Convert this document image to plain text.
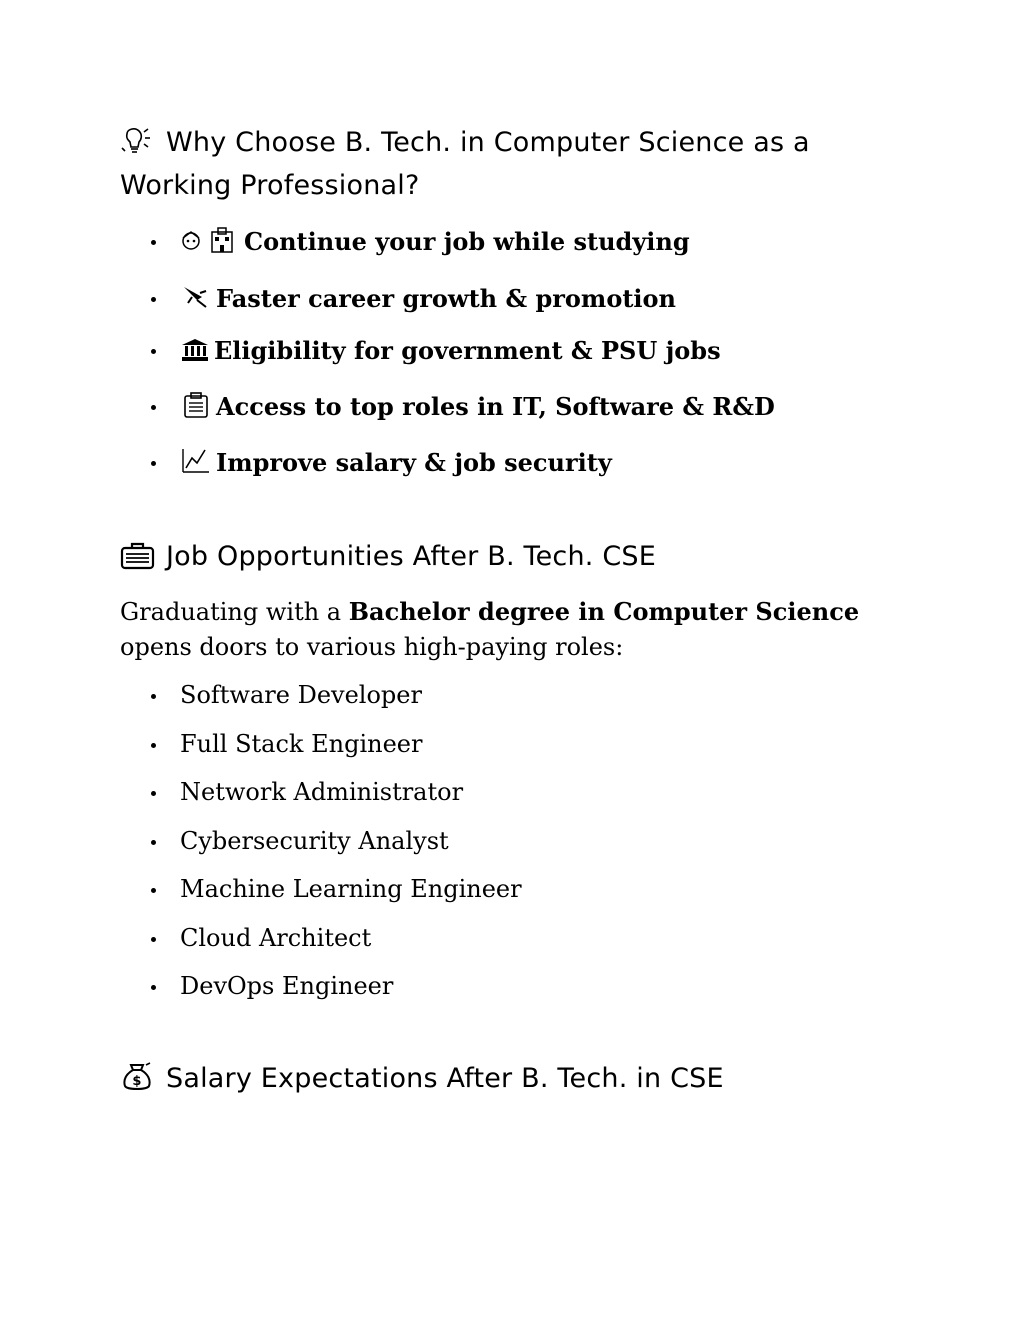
Why Choose B. Tech. in Computer Science as a
Working Professional?
Continue your job while studying
Faster career growth & promotion
Eligibility for government & PSU jobs
Access to top roles in IT, Software & R&D
Improve salary & job security
Job Opportunities After B. Tech. CSE

Graduating with a Bachelor degree in Computer Science opens doors to various high-paying roles:

Software Developer
Full Stack Engineer
Network Administrator
Cybersecurity Analyst
Machine Learning Engineer
Cloud Architect
DevOps Engineer
$ Salary Expectations After B. Tech. in CSE
